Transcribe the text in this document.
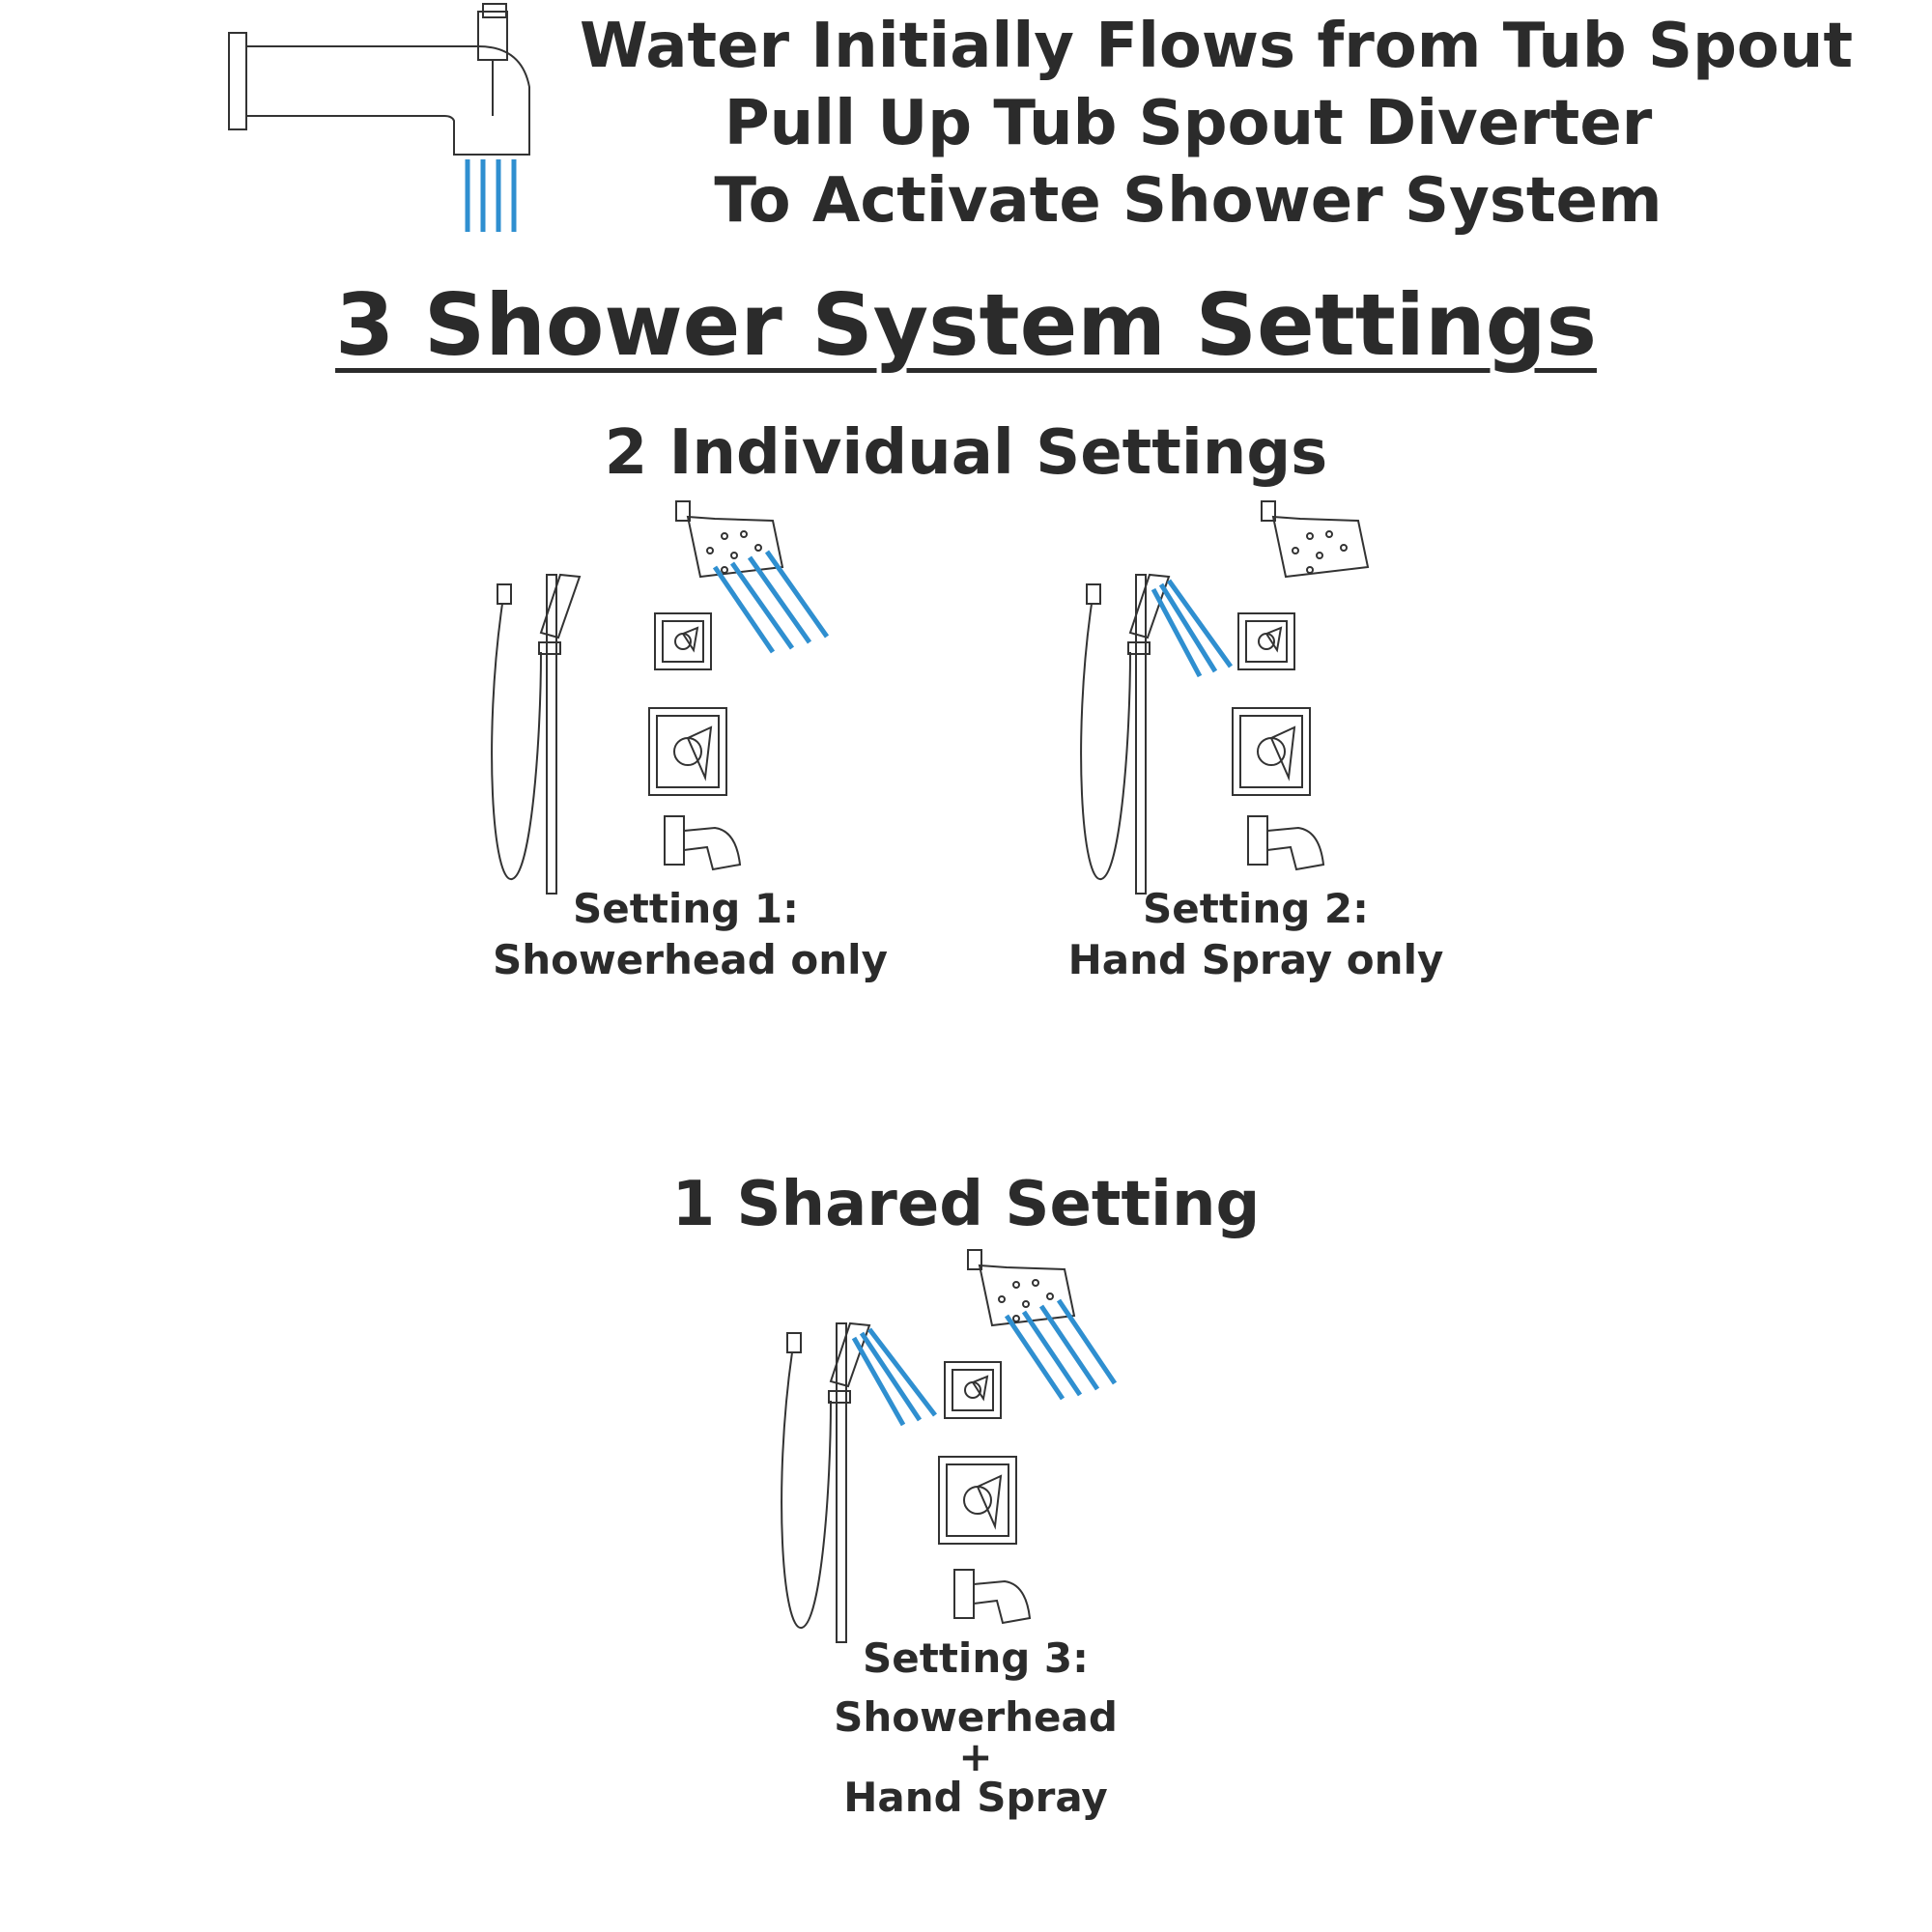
Water Initially Flows from Tub Spout
Pull Up Tub Spout Diverter
To Activate Shower System
3 Shower System Settings
2 Individual Settings
Setting 1:
Showerhead only
Setting 2:
Hand Spray only
1 Shared Setting
Setting 3:
Showerhead
+
Hand Spray
